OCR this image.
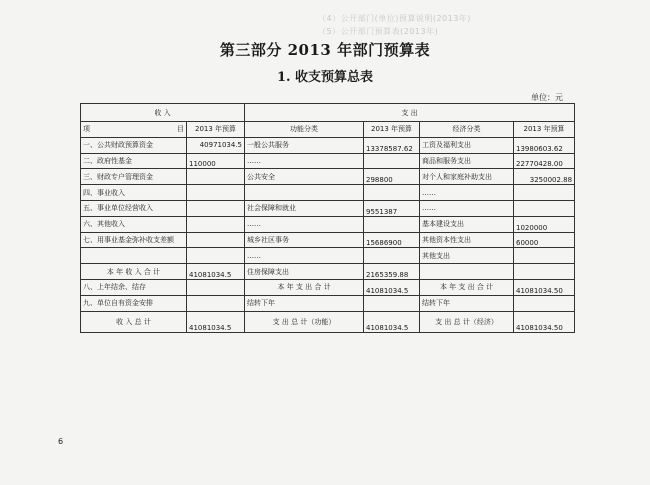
（4）公开部门(单位)预算说明(2013年)
（5）公开部门预算表(2013年)
第三部分 2013 年部门预算表
1. 收支预算总表
单位：元
收 入		支 出			
项 目	2013 年预算	功能分类	2013 年预算	经济分类	2013 年预算
一、公共财政预算资金	40971034.5	一般公共服务	13378587.62	工资及福利支出	13980603.62
二、政府性基金	110000	……		商品和服务支出	22770428.00
三、财政专户管理资金		公共安全	298800	对个人和家庭补助支出	3250002.88
四、事业收入				……	
五、事业单位经营收入		社会保障和就业	9551387	……	
六、其他收入		……		基本建设支出	1020000
七、用事业基金弥补收支差额		城乡社区事务	15686900	其他资本性支出	60000
		……		其他支出	
本 年 收 入 合 计	41081034.5	住房保障支出	2165359.88		
八、上年结余、结存		本 年 支 出 合 计	41081034.5	本 年 支 出 合 计	41081034.50
九、单位自有资金安排		结转下年		结转下年	
收 入 总 计	41081034.5	支 出 总 计（功能）	41081034.5	支 出 总 计（经济）	41081034.50
6
